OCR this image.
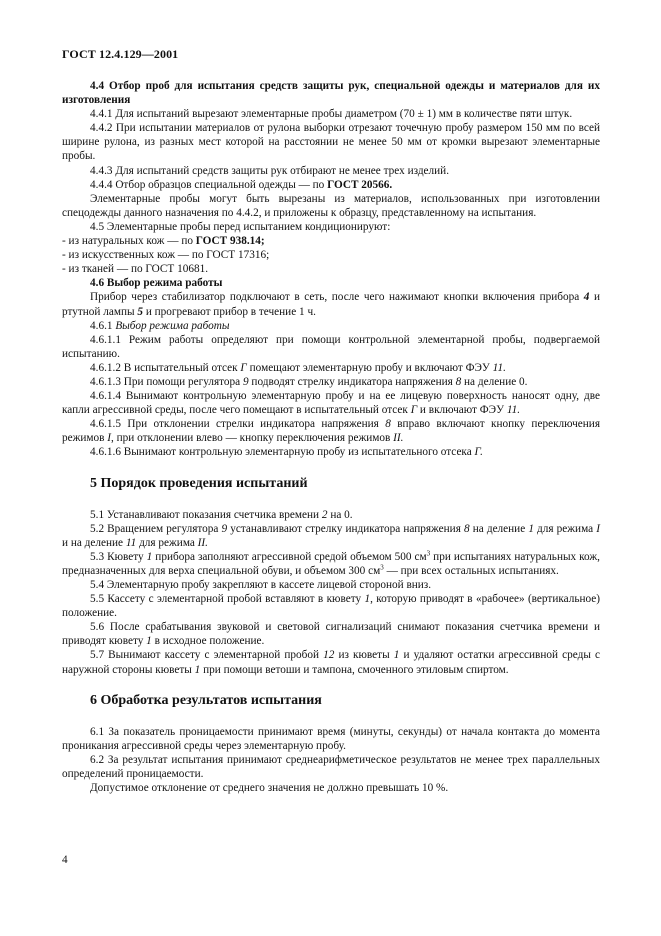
ГОСТ 12.4.129—2001

4.4 Отбор проб для испытания средств защиты рук, специальной одежды и материалов для их изготовления

4.4.1 Для испытаний вырезают элементарные пробы диаметром (70 ± 1) мм в количестве пяти штук.

4.4.2 При испытании материалов от рулона выборки отрезают точечную пробу размером 150 мм по всей ширине рулона, из разных мест которой на расстоянии не менее 50 мм от кромки вырезают элементарные пробы.

4.4.3 Для испытаний средств защиты рук отбирают не менее трех изделий.

4.4.4 Отбор образцов специальной одежды — по ГОСТ 20566.

Элементарные пробы могут быть вырезаны из материалов, использованных при изготовлении спецодежды данного назначения по 4.4.2, и приложены к образцу, представленному на испытания.

4.5 Элементарные пробы перед испытанием кондиционируют:

- из натуральных кож — по ГОСТ 938.14;

- из искусственных кож — по ГОСТ 17316;

- из тканей — по ГОСТ 10681.

4.6 Выбор режима работы

Прибор через стабилизатор подключают в сеть, после чего нажимают кнопки включения прибора 4 и ртутной лампы 5 и прогревают прибор в течение 1 ч.

4.6.1 Выбор режима работы

4.6.1.1 Режим работы определяют при помощи контрольной элементарной пробы, подвергаемой испытанию.

4.6.1.2 В испытательный отсек Г помещают элементарную пробу и включают ФЭУ 11.

4.6.1.3 При помощи регулятора 9 подводят стрелку индикатора напряжения 8 на деление 0.

4.6.1.4 Вынимают контрольную элементарную пробу и на ее лицевую поверхность наносят одну, две капли агрессивной среды, после чего помещают в испытательный отсек Г и включают ФЭУ 11.

4.6.1.5 При отклонении стрелки индикатора напряжения 8 вправо включают кнопку переключения режимов I, при отклонении влево — кнопку переключения режимов II.

4.6.1.6 Вынимают контрольную элементарную пробу из испытательного отсека Г.

5 Порядок проведения испытаний

5.1 Устанавливают показания счетчика времени 2 на 0.

5.2 Вращением регулятора 9 устанавливают стрелку индикатора напряжения 8 на деление 1 для режима I и на деление 11 для режима II.

5.3 Кювету 1 прибора заполняют агрессивной средой объемом 500 $см^3$ при испытаниях натуральных кож, предназначенных для верха специальной обуви, и объемом 300 $см^3$ — при всех остальных испытаниях.

5.4 Элементарную пробу закрепляют в кассете лицевой стороной вниз.

5.5 Кассету с элементарной пробой вставляют в кювету 1, которую приводят в «рабочее» (вертикальное) положение.

5.6 После срабатывания звуковой и световой сигнализаций снимают показания счетчика времени и приводят кювету 1 в исходное положение.

5.7 Вынимают кассету с элементарной пробой 12 из кюветы 1 и удаляют остатки агрессивной среды с наружной стороны кюветы 1 при помощи ветоши и тампона, смоченного этиловым спиртом.

6 Обработка результатов испытания

6.1 За показатель проницаемости принимают время (минуты, секунды) от начала контакта до момента проникания агрессивной среды через элементарную пробу.

6.2 За результат испытания принимают среднеарифметическое результатов не менее трех параллельных определений проницаемости.

Допустимое отклонение от среднего значения не должно превышать 10 %.

4
